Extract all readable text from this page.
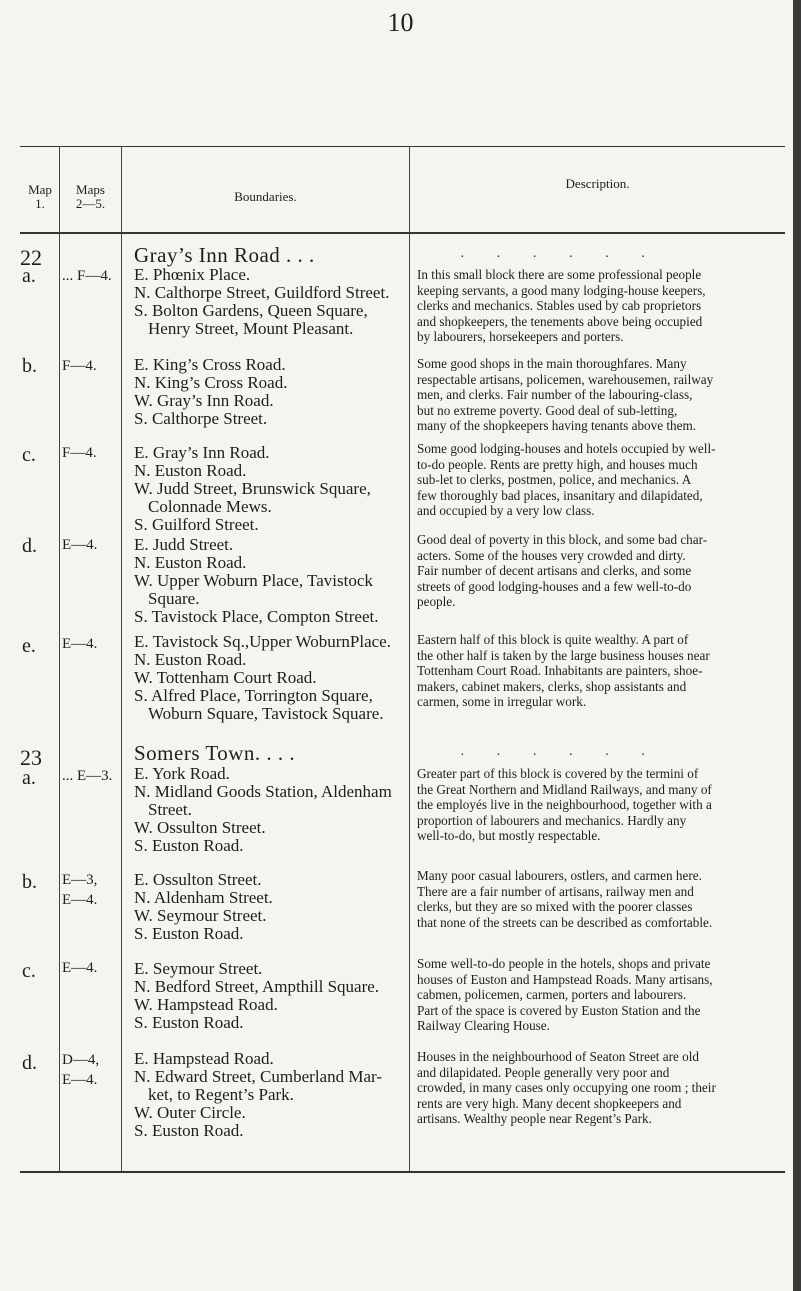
10
Map
1.
Maps
2—5.	Boundaries.
Description.
22
23
Gray’s Inn Road . . .
Somers Town. . . .
· · · · · ·
· · · · · ·
a. ... F—4. E. Phœnix Place.
N. Calthorpe Street, Guildford Street.
S. Bolton Gardens, Queen Square,
Henry Street, Mount Pleasant.
In this small block there are some professional people
keeping servants, a good many lodging-house keepers,
clerks and mechanics. Stables used by cab proprietors
and shopkeepers, the tenements above being occupied
by labourers, horsekeepers and porters.
b. F—4. E. King’s Cross Road.
N. King’s Cross Road.
W. Gray’s Inn Road.
S. Calthorpe Street.
Some good shops in the main thoroughfares. Many
respectable artisans, policemen, warehousemen, railway
men, and clerks. Fair number of the labouring-class,
but no extreme poverty. Good deal of sub-letting,
many of the shopkeepers having tenants above them.
c. F—4. E. Gray’s Inn Road.
N. Euston Road.
W. Judd Street, Brunswick Square,
Colonnade Mews.
S. Guilford Street.
Some good lodging-houses and hotels occupied by well-
to-do people. Rents are pretty high, and houses much
sub-let to clerks, postmen, police, and mechanics. A
few thoroughly bad places, insanitary and dilapidated,
and occupied by a very low class.
d. E—4. E. Judd Street.
N. Euston Road.
W. Upper Woburn Place, Tavistock
Square.
S. Tavistock Place, Compton Street.
Good deal of poverty in this block, and some bad char-
acters. Some of the houses very crowded and dirty.
Fair number of decent artisans and clerks, and some
streets of good lodging-houses and a few well-to-do
people.
e. E—4. E. Tavistock Sq.,Upper WoburnPlace.
N. Euston Road.
W. Tottenham Court Road.
S. Alfred Place, Torrington Square,
Woburn Square, Tavistock Square.
Eastern half of this block is quite wealthy. A part of
the other half is taken by the large business houses near
Tottenham Court Road. Inhabitants are painters, shoe-
makers, cabinet makers, clerks, shop assistants and
carmen, some in irregular work.
a. ... E—3. E. York Road.
N. Midland Goods Station, Aldenham
Street.
W. Ossulton Street.
S. Euston Road.
Greater part of this block is covered by the termini of
the Great Northern and Midland Railways, and many of
the employés live in the neighbourhood, together with a
proportion of labourers and mechanics. Hardly any
well-to-do, but mostly respectable.
b. E—3,
E—4.
E. Ossulton Street.
N. Aldenham Street.
W. Seymour Street.
S. Euston Road.
Many poor casual labourers, ostlers, and carmen here.
There are a fair number of artisans, railway men and
clerks, but they are so mixed with the poorer classes
that none of the streets can be described as comfortable.
c. E—4. E. Seymour Street.
N. Bedford Street, Ampthill Square.
W. Hampstead Road.
S. Euston Road.
Some well-to-do people in the hotels, shops and private
houses of Euston and Hampstead Roads. Many artisans,
cabmen, policemen, carmen, porters and labourers.
Part of the space is covered by Euston Station and the
Railway Clearing House.
d. D—4,
E—4.
E. Hampstead Road.
N. Edward Street, Cumberland Mar-
ket, to Regent’s Park.
W. Outer Circle.
S. Euston Road.
Houses in the neighbourhood of Seaton Street are old
and dilapidated. People generally very poor and
crowded, in many cases only occupying one room ; their
rents are very high. Many decent shopkeepers and
artisans. Wealthy people near Regent’s Park.
